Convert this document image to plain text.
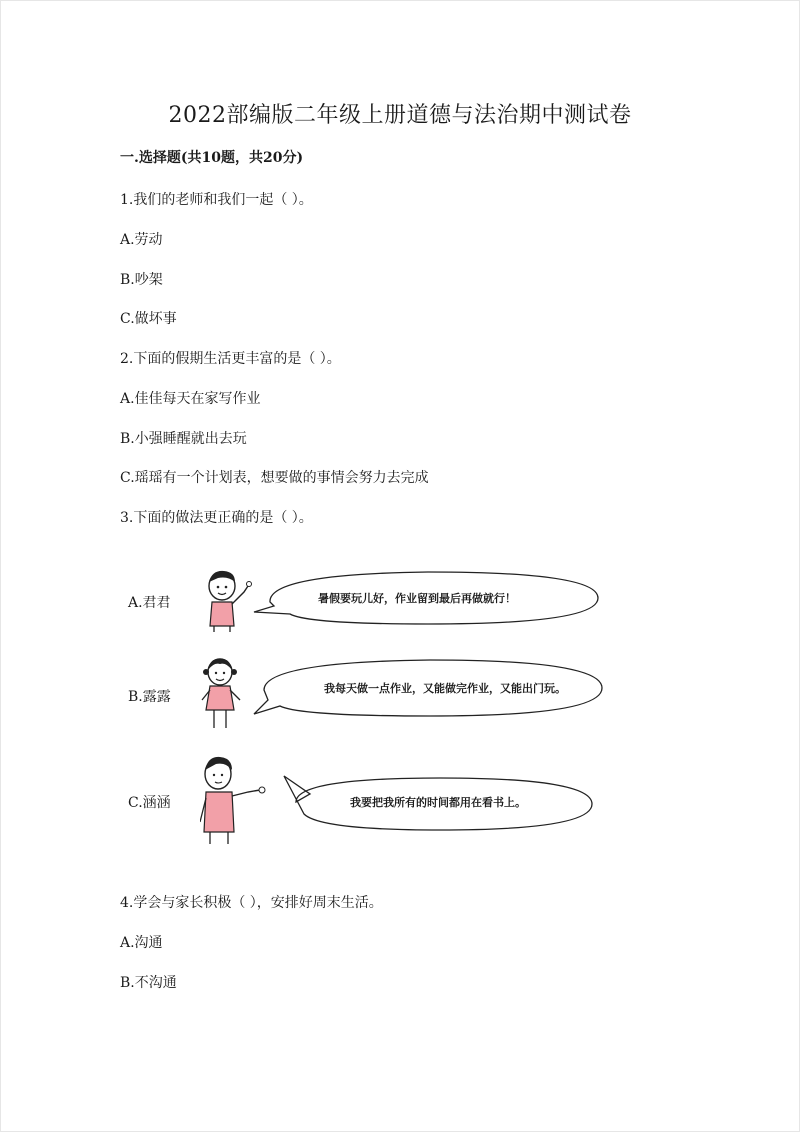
2022部编版二年级上册道德与法治期中测试卷
一.选择题(共10题，共20分)
1.我们的老师和我们一起（ ）。
A.劳动
B.吵架
C.做坏事
2.下面的假期生活更丰富的是（ ）。
A.佳佳每天在家写作业
B.小强睡醒就出去玩
C.瑶瑶有一个计划表，想要做的事情会努力去完成
3.下面的做法更正确的是（ ）。
A.君君	暑假要玩儿好，作业留到最后再做就行！
B.露露
我每天做一点作业，又能做完作业，又能出门玩。
C.涵涵	我要把我所有的时间都用在看书上。
4.学会与家长积极（ ），安排好周末生活。
A.沟通
B.不沟通
